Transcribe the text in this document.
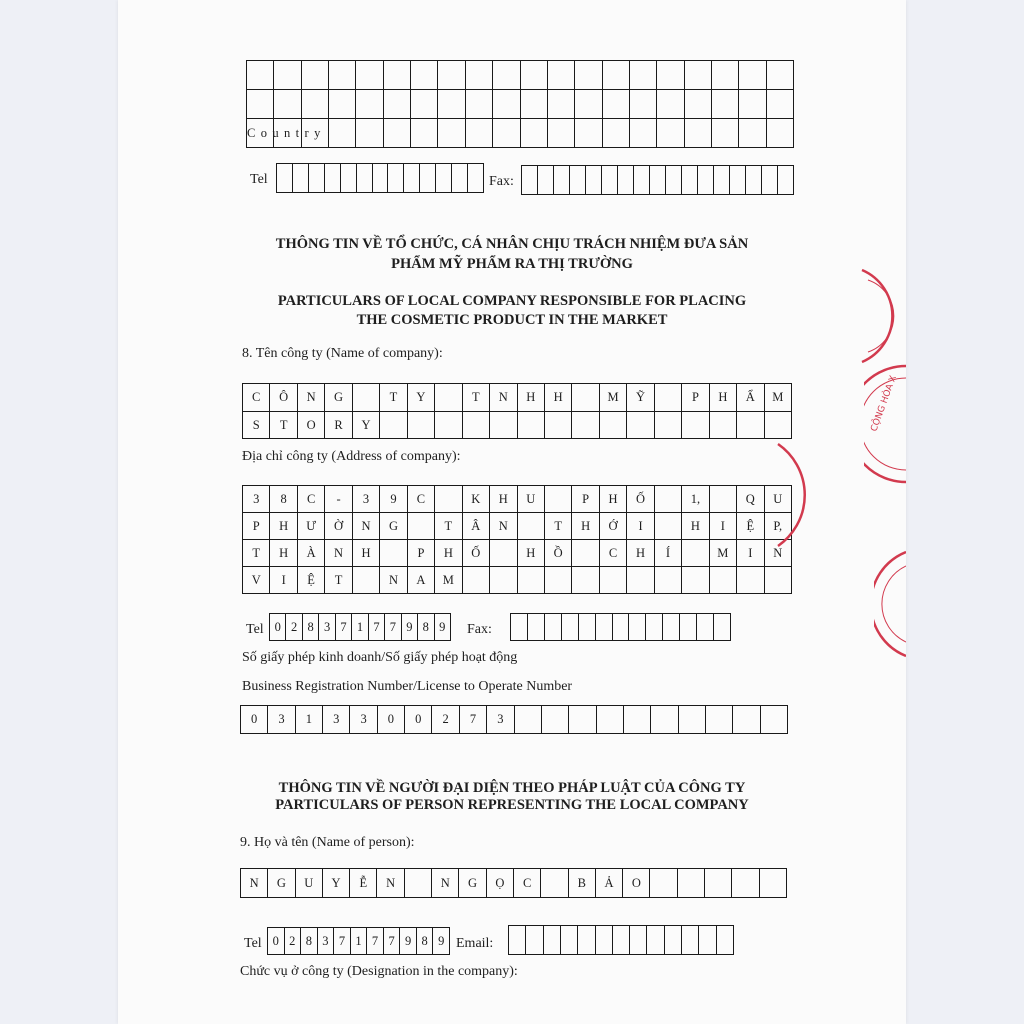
Country
Tel	Fax:
THÔNG TIN VỀ TỔ CHỨC, CÁ NHÂN CHỊU TRÁCH NHIỆM ĐƯA SẢN
PHẨM MỸ PHẨM RA THỊ TRƯỜNG
PARTICULARS OF LOCAL COMPANY RESPONSIBLE FOR PLACING
THE COSMETIC PRODUCT IN THE MARKET
8. Tên công ty (Name of company):
C	Ô	N	G	T	Y	T	N	H	H	M	Ỹ	P	H	Ẩ	M
S	T	O	R	Y
Địa chỉ công ty (Address of company):
3	8	C	-	3	9	C	K	H	U	P	H	Ố	1,	Q	U
P	H	Ư	Ờ	N	G	T	Â	N	T	H	Ớ	I	H	I	Ệ	P,
T	H	À	N	H	P	H	Ố	H	Ồ	C	H	Í	M	I	N
V	I	Ệ	T	N	A	M
Tel 0 2 8 3 7 1 7 7 9 8 9	Fax:
Số giấy phép kinh doanh/Số giấy phép hoạt động
Business Registration Number/License to Operate Number
0	3	1	3	3	0	0	2	7	3
THÔNG TIN VỀ NGƯỜI ĐẠI DIỆN THEO PHÁP LUẬT CỦA CÔNG TY
PARTICULARS OF PERSON REPRESENTING THE LOCAL COMPANY
9. Họ và tên (Name of person):
N	G	U	Y	Ễ	N	N	G	Ọ	C	B	Ả	O
Tel 0 2 8 3 7 1 7 7 9 8 9 Email:
Chức vụ ở công ty (Designation in the company):
CỘNG HÒA X
